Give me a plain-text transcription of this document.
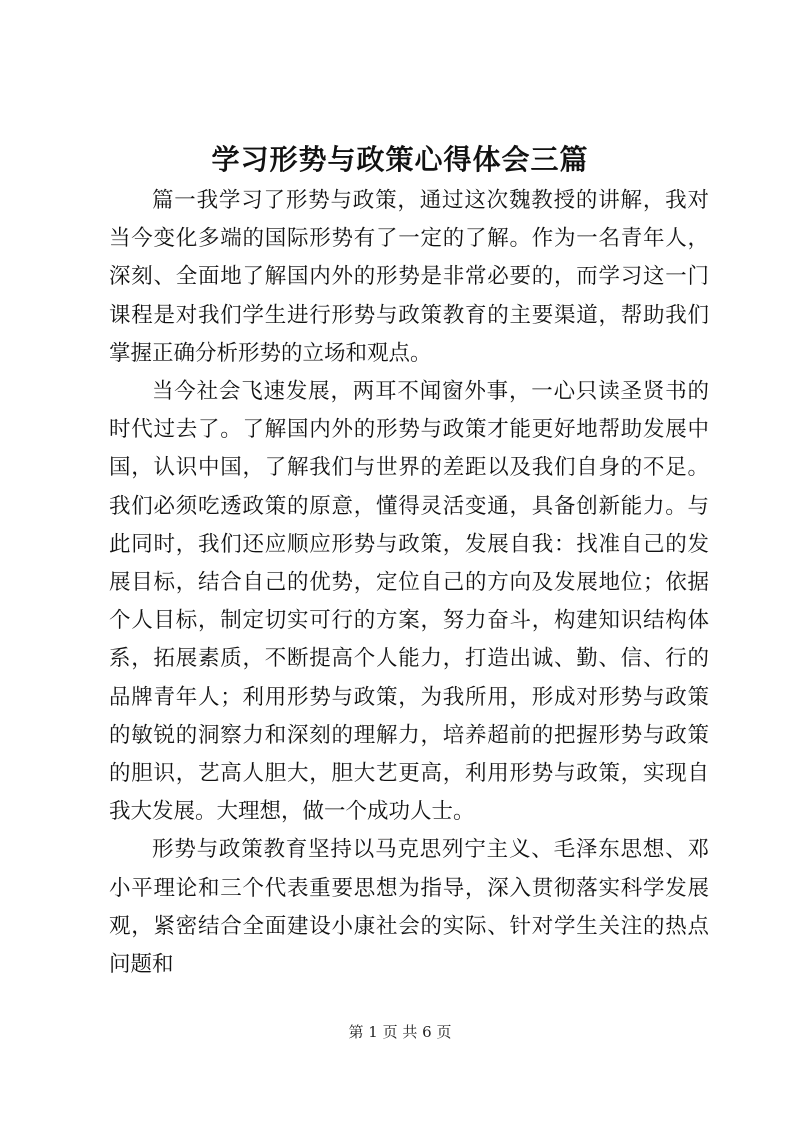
学习形势与政策心得体会三篇

篇一我学习了形势与政策，通过这次魏教授的讲解，我对当今变化多端的国际形势有了一定的了解。作为一名青年人，深刻、全面地了解国内外的形势是非常必要的，而学习这一门课程是对我们学生进行形势与政策教育的主要渠道，帮助我们掌握正确分析形势的立场和观点。

当今社会飞速发展，两耳不闻窗外事，一心只读圣贤书的时代过去了。了解国内外的形势与政策才能更好地帮助发展中国，认识中国，了解我们与世界的差距以及我们自身的不足。我们必须吃透政策的原意，懂得灵活变通，具备创新能力。与此同时，我们还应顺应形势与政策，发展自我：找准自己的发展目标，结合自己的优势，定位自己的方向及发展地位；依据个人目标，制定切实可行的方案，努力奋斗，构建知识结构体系，拓展素质，不断提高个人能力，打造出诚、勤、信、行的品牌青年人；利用形势与政策，为我所用，形成对形势与政策的敏锐的洞察力和深刻的理解力，培养超前的把握形势与政策的胆识，艺高人胆大，胆大艺更高，利用形势与政策，实现自我大发展。大理想，做一个成功人士。

形势与政策教育坚持以马克思列宁主义、毛泽东思想、邓小平理论和三个代表重要思想为指导，深入贯彻落实科学发展观，紧密结合全面建设小康社会的实际、针对学生关注的热点问题和

第 1 页 共 6 页
